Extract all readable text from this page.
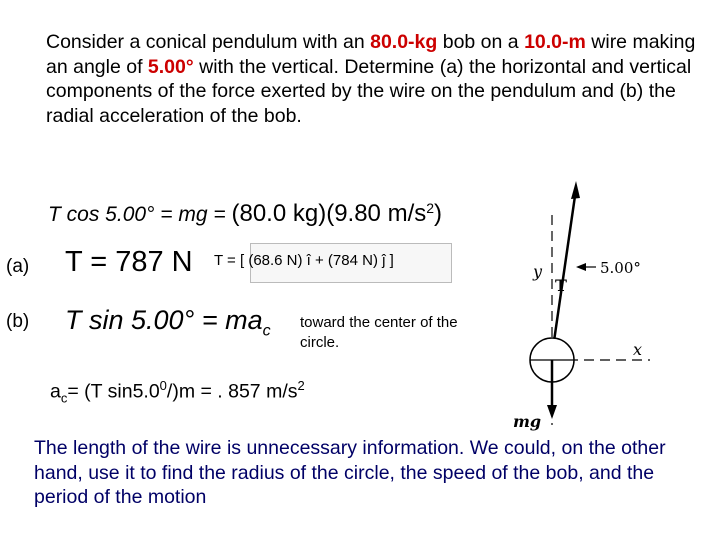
Consider a conical pendulum with an 80.0-kg bob on a 10.0-m wire making an angle of 5.00° with the vertical. Determine (a) the horizontal and vertical components of the force exerted by the wire on the pendulum and (b) the radial acceleration of the bob.
T cos 5.00° = mg = (80.0 kg)(9.80 $m/s^2$)
(a) T = 787 N T = [ (68.6 N) î + (784 N) ĵ ]
(b) T $\sin 5.00^\circ = ma_c$ toward the center of the
circle.
$a_c= (T$ $\sin 5.0^0/)m$ = . 857 $m/s^2$
The length of the wire is unnecessary information. We could, on the other hand, use it to find the radius of the circle, the speed of the bob, and the period of the motion
5.00°
y
T
x
mg
